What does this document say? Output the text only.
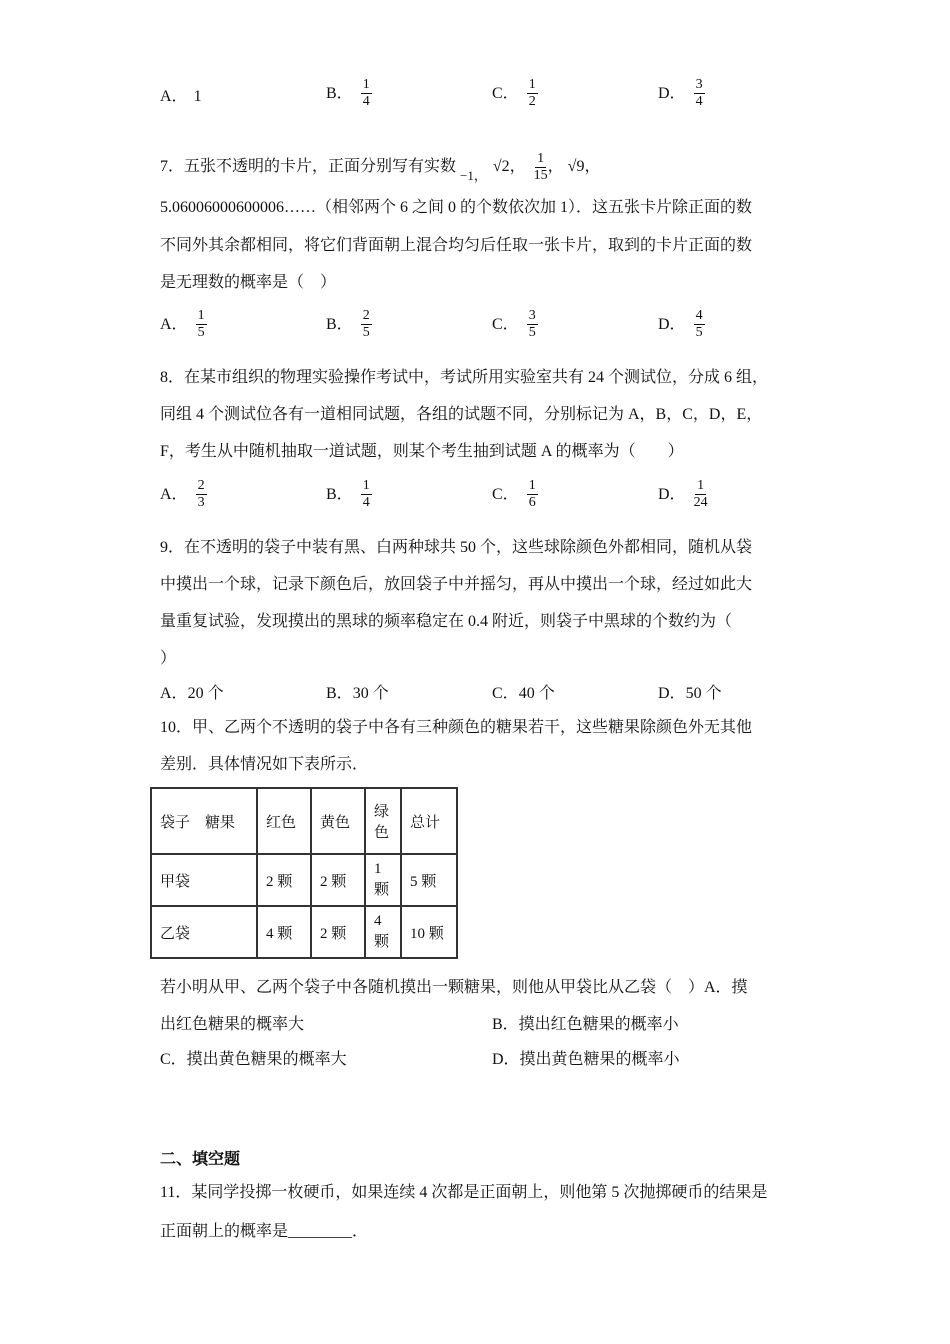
A． 1	B． $\frac{1}{4}$	C． $\frac{1}{2}$	D． $\frac{3}{4}$
7．五张不透明的卡片，正面分别写有实数
−1，
√2， $\frac{1}{15}$ ， √9，
5.06006000600006……（相邻两个 6 之间 0 的个数依次加 1）．这五张卡片除正面的数
不同外其余都相同，将它们背面朝上混合均匀后任取一张卡片，取到的卡片正面的数
是无理数的概率是（　）
A． $\frac{1}{5}$	B． $\frac{2}{5}$	C． $\frac{3}{5}$	D． $\frac{4}{5}$
8．在某市组织的物理实验操作考试中，考试所用实验室共有 24 个测试位，分成 6 组，
同组 4 个测试位各有一道相同试题，各组的试题不同，分别标记为 A，B，C，D，E，
F，考生从中随机抽取一道试题，则某个考生抽到试题 A 的概率为（　　）
A． $\frac{2}{3}$	B． $\frac{1}{4}$	C． $\frac{1}{6}$	D． $\frac{1}{24}$
9．在不透明的袋子中装有黑、白两种球共 50 个，这些球除颜色外都相同，随机从袋
中摸出一个球，记录下颜色后，放回袋子中并摇匀，再从中摸出一个球，经过如此大
量重复试验，发现摸出的黑球的频率稳定在 0.4 附近，则袋子中黑球的个数约为（
）
A． 20 个	B． 30 个	C． 40 个	D． 50 个
10．甲、乙两个不透明的袋子中各有三种颜色的糖果若干，这些糖果除颜色外无其他
差别．具体情况如下表所示．
袋子　糖果	红色	黄色	绿色	总计
甲袋	2 颗	2 颗	1 颗	5 颗
乙袋	4 颗	2 颗	4 颗	10 颗
若小明从甲、乙两个袋子中各随机摸出一颗糖果，则他从甲袋比从乙袋（　）A．摸
出红色糖果的概率大	B．摸出红色糖果的概率小
C．摸出黄色糖果的概率大	D．摸出黄色糖果的概率小
二、填空题
11．某同学投掷一枚硬币，如果连续 4 次都是正面朝上，则他第 5 次抛掷硬币的结果是
正面朝上的概率是________．
